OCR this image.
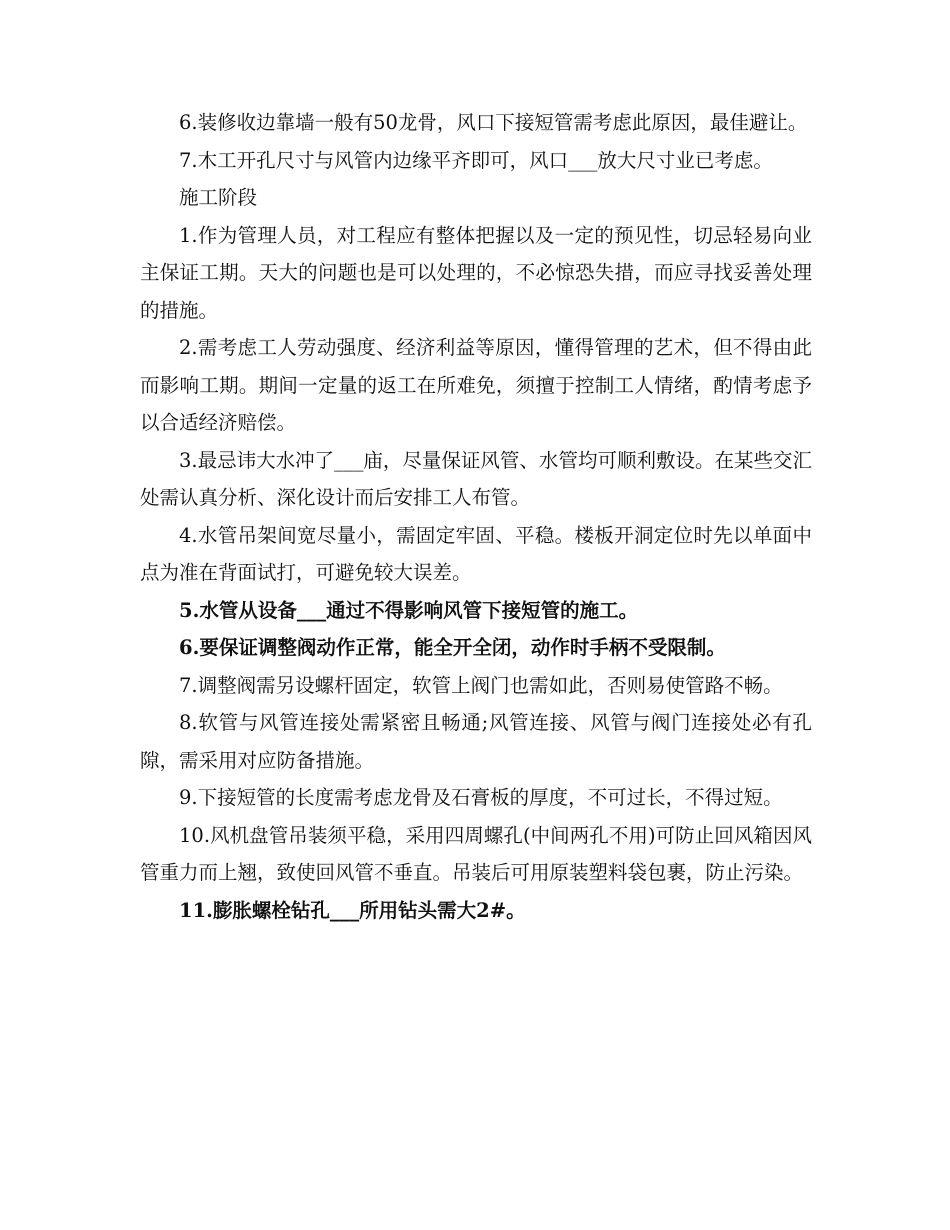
6.装修收边靠墙一般有50龙骨，风口下接短管需考虑此原因，最佳避让。

7.木工开孔尺寸与风管内边缘平齐即可，风口___放大尺寸业已考虑。

施工阶段

1.作为管理人员，对工程应有整体把握以及一定的预见性，切忌轻易向业主保证工期。天大的问题也是可以处理的，不必惊恐失措，而应寻找妥善处理的措施。

2.需考虑工人劳动强度、经济利益等原因，懂得管理的艺术，但不得由此而影响工期。期间一定量的返工在所难免，须擅于控制工人情绪，酌情考虑予以合适经济赔偿。

3.最忌讳大水冲了___庙，尽量保证风管、水管均可顺利敷设。在某些交汇处需认真分析、深化设计而后安排工人布管。

4.水管吊架间宽尽量小，需固定牢固、平稳。楼板开洞定位时先以单面中点为准在背面试打，可避免较大误差。

5.水管从设备___通过不得影响风管下接短管的施工。

6.要保证调整阀动作正常，能全开全闭，动作时手柄不受限制。

7.调整阀需另设螺杆固定，软管上阀门也需如此，否则易使管路不畅。

8.软管与风管连接处需紧密且畅通;风管连接、风管与阀门连接处必有孔隙，需采用对应防备措施。

9.下接短管的长度需考虑龙骨及石膏板的厚度，不可过长，不得过短。

10.风机盘管吊装须平稳，采用四周螺孔(中间两孔不用)可防止回风箱因风管重力而上翘，致使回风管不垂直。吊装后可用原装塑料袋包裹，防止污染。

11.膨胀螺栓钻孔___所用钻头需大2#。
